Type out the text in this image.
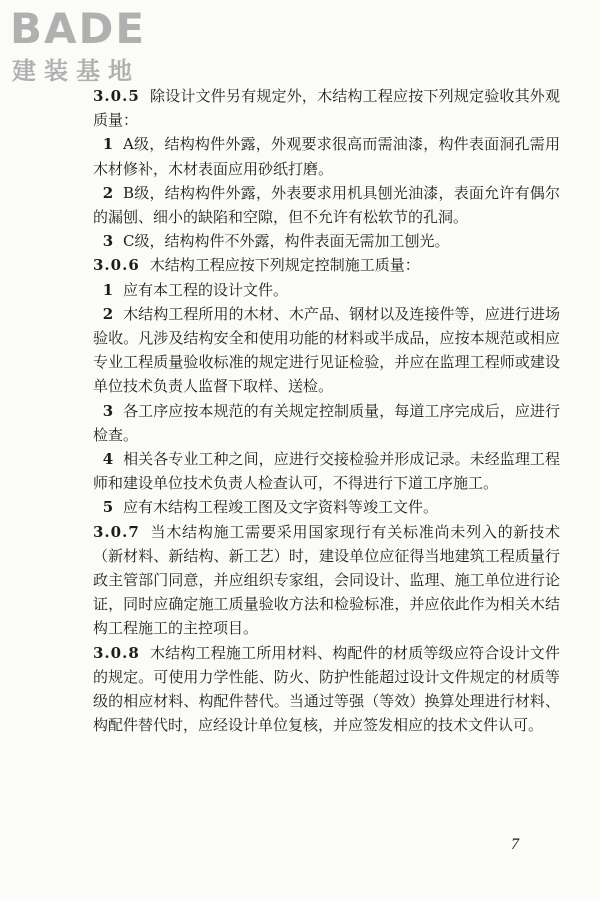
BADE
建装基地

3.0.5 除设计文件另有规定外，木结构工程应按下列规定验收其外观质量：

1 A级，结构构件外露，外观要求很高而需油漆，构件表面洞孔需用木材修补，木材表面应用砂纸打磨。

2 B级，结构构件外露，外表要求用机具刨光油漆，表面允许有偶尔的漏刨、细小的缺陷和空隙，但不允许有松软节的孔洞。

3 C级，结构构件不外露，构件表面无需加工刨光。

3.0.6 木结构工程应按下列规定控制施工质量：

1 应有本工程的设计文件。

2 木结构工程所用的木材、木产品、钢材以及连接件等，应进行进场验收。凡涉及结构安全和使用功能的材料或半成品，应按本规范或相应专业工程质量验收标准的规定进行见证检验，并应在监理工程师或建设单位技术负责人监督下取样、送检。

3 各工序应按本规范的有关规定控制质量，每道工序完成后，应进行检查。

4 相关各专业工种之间，应进行交接检验并形成记录。未经监理工程师和建设单位技术负责人检查认可，不得进行下道工序施工。

5 应有木结构工程竣工图及文字资料等竣工文件。

3.0.7 当木结构施工需要采用国家现行有关标准尚未列入的新技术（新材料、新结构、新工艺）时，建设单位应征得当地建筑工程质量行政主管部门同意，并应组织专家组，会同设计、监理、施工单位进行论证，同时应确定施工质量验收方法和检验标准，并应依此作为相关木结构工程施工的主控项目。

3.0.8 木结构工程施工所用材料、构配件的材质等级应符合设计文件的规定。可使用力学性能、防火、防护性能超过设计文件规定的材质等级的相应材料、构配件替代。当通过等强（等效）换算处理进行材料、构配件替代时，应经设计单位复核，并应签发相应的技术文件认可。

7
